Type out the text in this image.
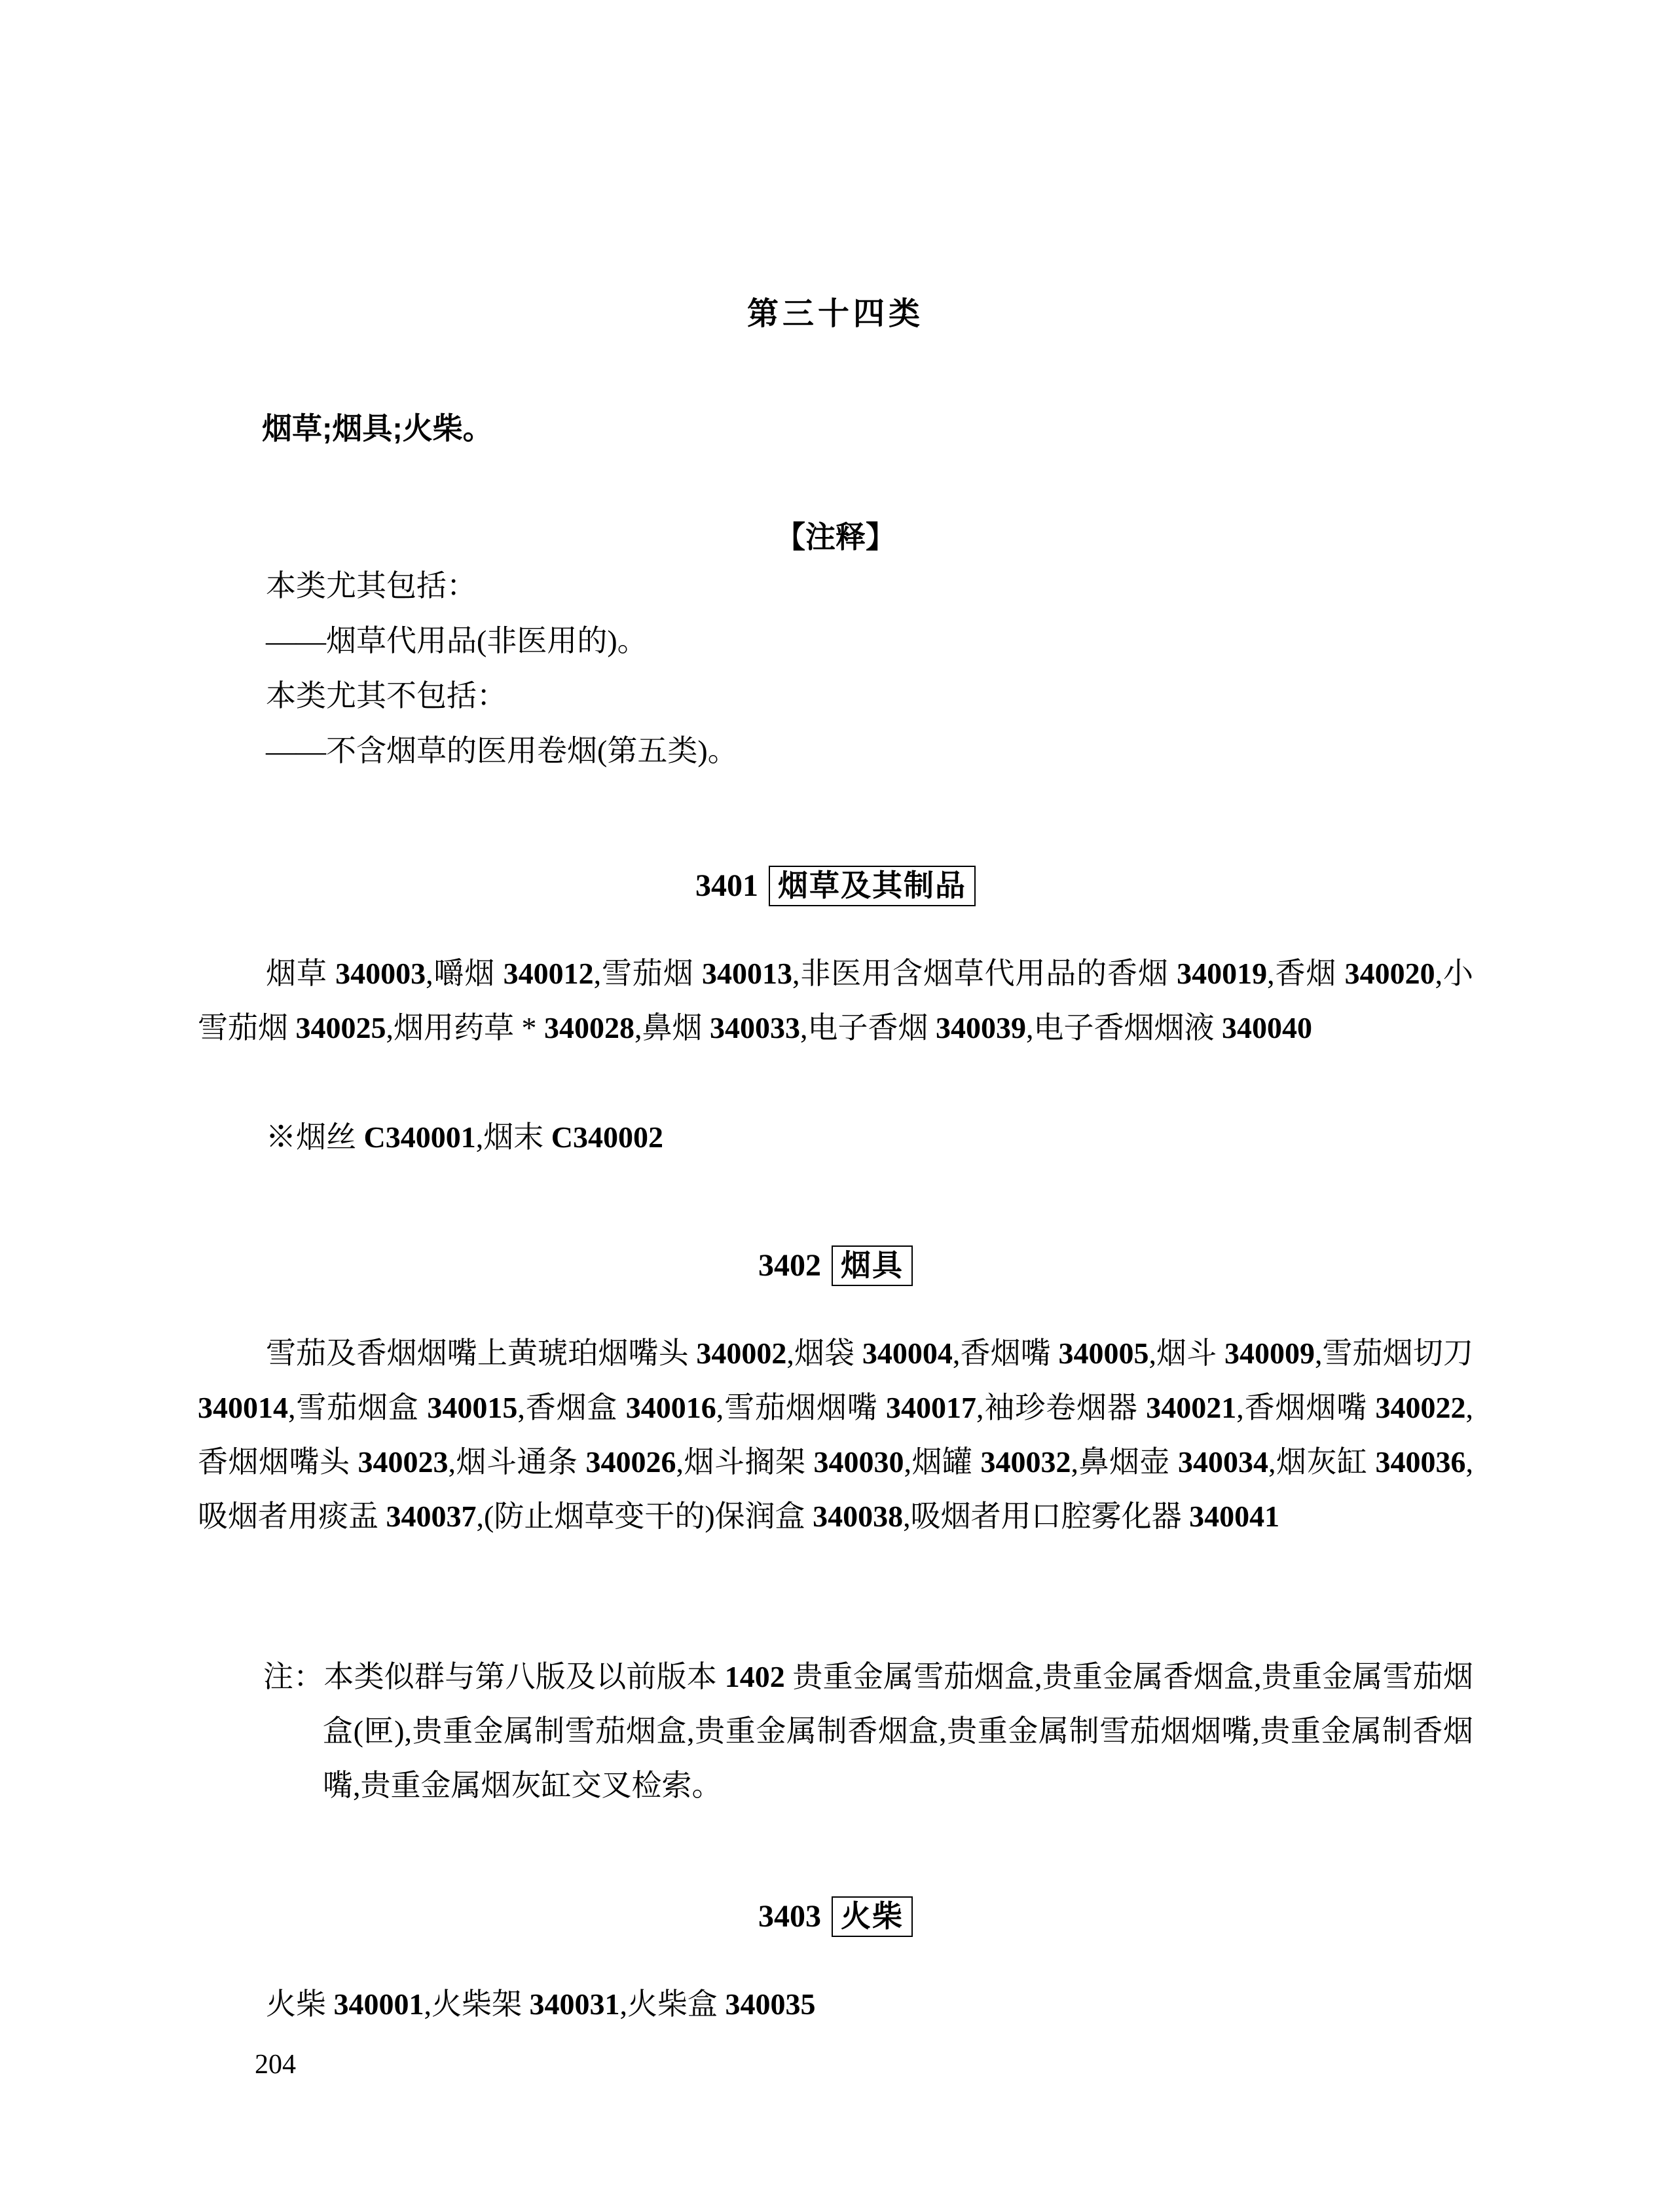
第三十四类
烟草;烟具;火柴。
【注释】
本类尤其包括：
——烟草代用品(非医用的)。
本类尤其不包括：
——不含烟草的医用卷烟(第五类)。
3401 烟草及其制品
烟草 340003,嚼烟 340012,雪茄烟 340013,非医用含烟草代用品的香烟 340019,香烟 340020,小雪茄烟 340025,烟用药草 * 340028,鼻烟 340033,电子香烟 340039,电子香烟烟液 340040
※烟丝 C340001,烟末 C340002
3402 烟具
雪茄及香烟烟嘴上黄琥珀烟嘴头 340002,烟袋 340004,香烟嘴 340005,烟斗 340009,雪茄烟切刀 340014,雪茄烟盒 340015,香烟盒 340016,雪茄烟烟嘴 340017,袖珍卷烟器 340021,香烟烟嘴 340022,香烟烟嘴头 340023,烟斗通条 340026,烟斗搁架 340030,烟罐 340032,鼻烟壶 340034,烟灰缸 340036,吸烟者用痰盂 340037,(防止烟草变干的)保润盒 340038,吸烟者用口腔雾化器 340041
注：本类似群与第八版及以前版本 1402 贵重金属雪茄烟盒,贵重金属香烟盒,贵重金属雪茄烟盒(匣),贵重金属制雪茄烟盒,贵重金属制香烟盒,贵重金属制雪茄烟烟嘴,贵重金属制香烟嘴,贵重金属烟灰缸交叉检索。
3403 火柴
火柴 340001,火柴架 340031,火柴盒 340035
204
